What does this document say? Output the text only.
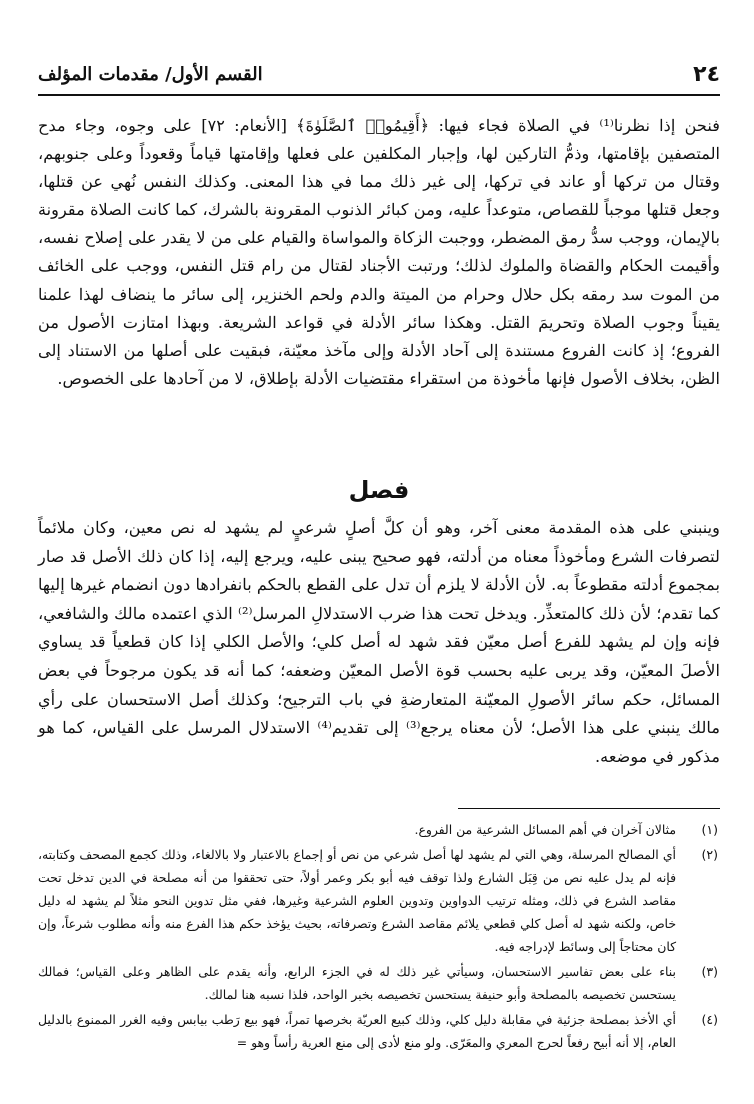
٢٤
القسم الأول/ مقدمات المؤلف

فنحن إذا نظرنا⁽¹⁾ في الصلاة فجاء فيها: ﴿أَقِيمُوا۟ ٱلصَّلَوٰةَ﴾ [الأنعام: ٧٢] على وجوه، وجاء مدح المتصفين بإقامتها، وذمُّ التاركين لها، وإجبار المكلفين على فعلها وإقامتها قياماً وقعوداً وعلى جنوبهم، وقتال من تركها أو عاند في تركها، إلى غير ذلك مما في هذا المعنى. وكذلك النفس نُهي عن قتلها، وجعل قتلها موجباً للقصاص، متوعداً عليه، ومن كبائر الذنوب المقرونة بالشرك، كما كانت الصلاة مقرونة بالإيمان، ووجب سدُّ رمق المضطر، ووجبت الزكاة والمواساة والقيام على من لا يقدر على إصلاح نفسه، وأقيمت الحكام والقضاة والملوك لذلك؛ ورتبت الأجناد لقتال من رام قتل النفس، ووجب على الخائف من الموت سد رمقه بكل حلال وحرام من الميتة والدم ولحم الخنزير، إلى سائر ما ينضاف لهذا علمنا يقيناً وجوب الصلاة وتحريمَ القتل. وهكذا سائر الأدلة في قواعد الشريعة. وبهذا امتازت الأصول من الفروع؛ إذ كانت الفروع مستندة إلى آحاد الأدلة وإلى مآخذ معيّنة، فبقيت على أصلها من الاستناد إلى الظن، بخلاف الأصول فإنها مأخوذة من استقراء مقتضيات الأدلة بإطلاق، لا من آحادها على الخصوص.

فصل

وينبني على هذه المقدمة معنى آخر، وهو أن كلَّ أصلٍ شرعيٍ لم يشهد له نص معين، وكان ملائماً لتصرفات الشرع ومأخوذاً معناه من أدلته، فهو صحيح يبنى عليه، ويرجع إليه، إذا كان ذلك الأصل قد صار بمجموع أدلته مقطوعاً به. لأن الأدلة لا يلزم أن تدل على القطع بالحكم بانفرادها دون انضمام غيرها إليها كما تقدم؛ لأن ذلك كالمتعذِّر. ويدخل تحت هذا ضرب الاستدلالِ المرسل⁽²⁾ الذي اعتمده مالك والشافعي، فإنه وإن لم يشهد للفرع أصل معيّن فقد شهد له أصل كلي؛ والأصل الكلي إذا كان قطعياً قد يساوي الأصلَ المعيّن، وقد يربى عليه بحسب قوة الأصل المعيّن وضعفه؛ كما أنه قد يكون مرجوحاً في بعض المسائل، حكم سائر الأصولِ المعيّنة المتعارضةِ في باب الترجيح؛ وكذلك أصل الاستحسان على رأي مالك ينبني على هذا الأصل؛ لأن معناه يرجع⁽³⁾ إلى تقديم⁽⁴⁾ الاستدلال المرسل على القياس، كما هو مذكور في موضعه.

(١)
مثالان آخران في أهم المسائل الشرعية من الفروع.
(٢)
أي المصالح المرسلة، وهي التي لم يشهد لها أصل شرعي من نص أو إجماع بالاعتبار ولا بالالغاء، وذلك كجمع المصحف وكتابته، فإنه لم يدل عليه نص من قِبَل الشارع ولذا توقف فيه أبو بكر وعمر أولاً، حتى تحققوا من أنه مصلحة في الدين تدخل تحت مقاصد الشرع في ذلك، ومثله ترتيب الدواوين وتدوين العلوم الشرعية وغيرها، ففي مثل تدوين النحو مثلاً لم يشهد له دليل خاص، ولكنه شهد له أصل كلي قطعي يلائم مقاصد الشرع وتصرفاته، بحيث يؤخذ حكم هذا الفرع منه وأنه مطلوب شرعاً، وإن كان محتاجاً إلى وسائط لإدراجه فيه.
(٣)
بناء على بعض تفاسير الاستحسان، وسيأتي غير ذلك له في الجزء الرابع، وأنه يقدم على الظاهر وعلى القياس؛ فمالك يستحسن تخصيصه بالمصلحة وأبو حنيفة يستحسن تخصيصه بخبر الواحد، فلذا نسبه هنا لمالك.
(٤)
أي الأخذ بمصلحة جزئية في مقابلة دليل كلي، وذلك كبيع العريّة بخرصها تمراً، فهو بيع رَطب بيابس وفيه الغرر الممنوع بالدليل العام، إلا أنه أبيح رفعاً لحرج المعري والمعَرّى. ولو منع لأدى إلى منع العرية رأساً وهو =
